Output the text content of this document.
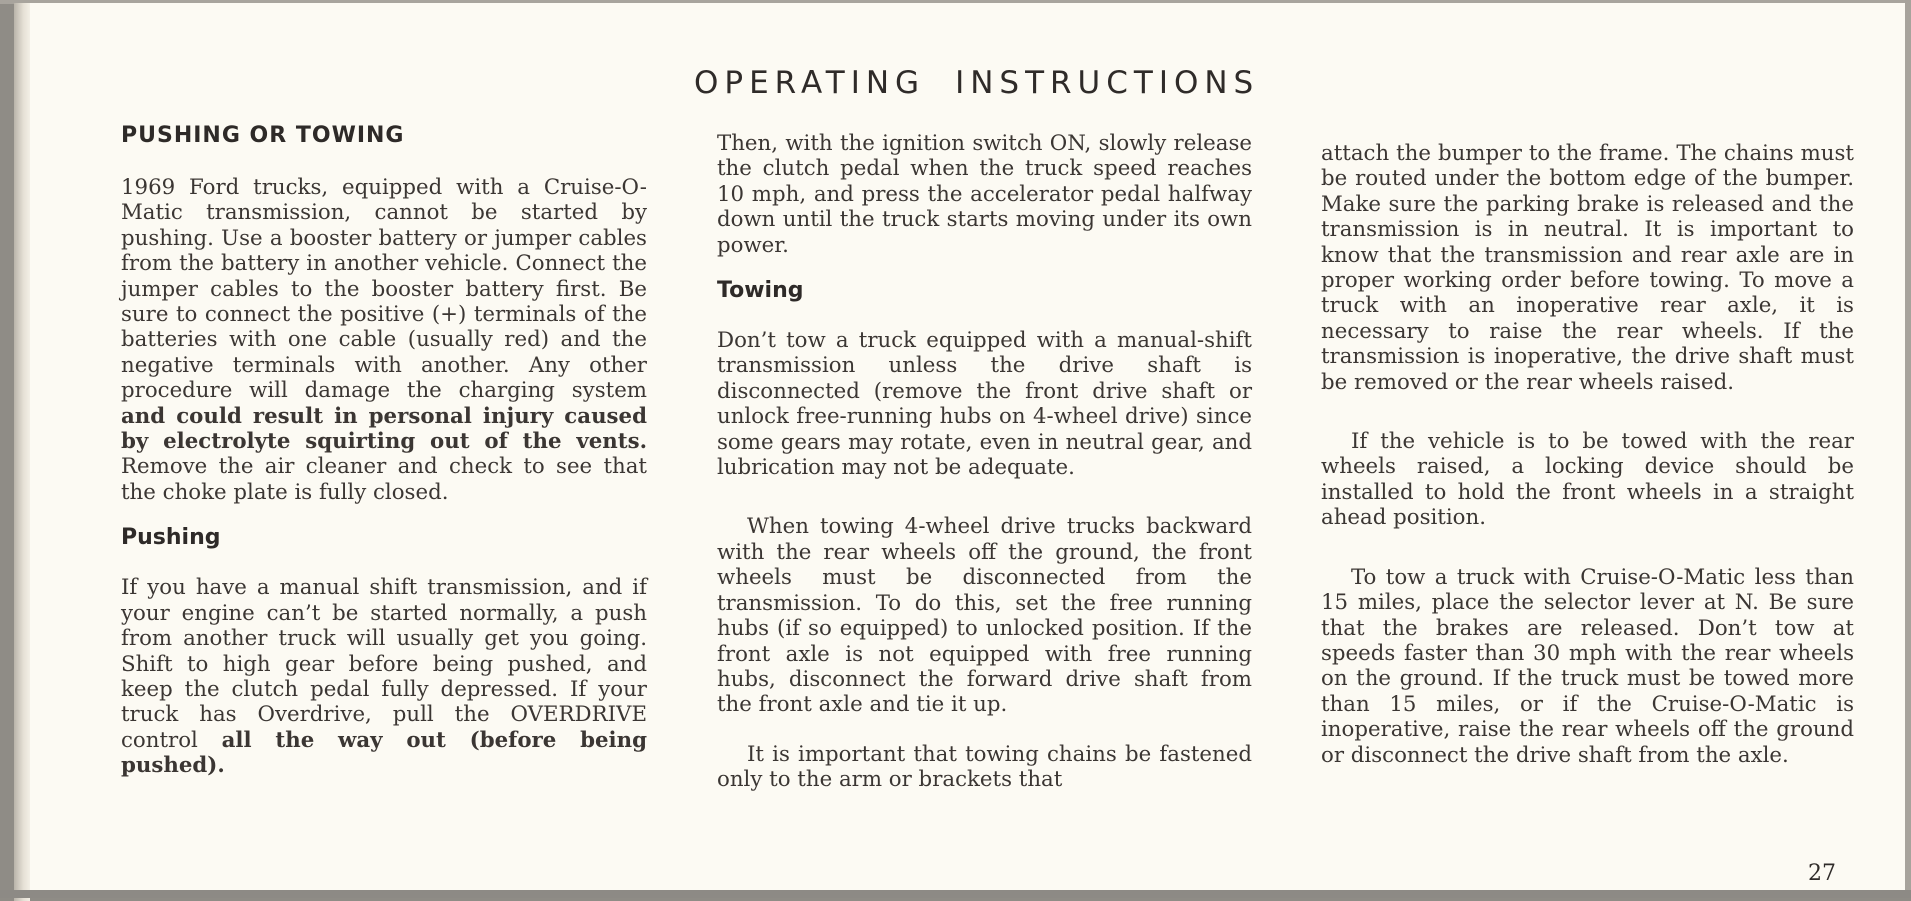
OPERATING INSTRUCTIONS
PUSHING OR TOWING

1969 Ford trucks, equipped with a Cruise-O-Matic transmission, cannot be started by pushing. Use a booster battery or jumper cables from the battery in another vehicle. Connect the jumper cables to the booster battery first. Be sure to connect the positive (+) terminals of the batteries with one cable (usually red) and the negative terminals with another. Any other procedure will damage the charging system and could result in personal injury caused by electrolyte squirting out of the vents. Remove the air cleaner and check to see that the choke plate is fully closed.

Pushing

If you have a manual shift transmission, and if your engine can’t be started normally, a push from another truck will usually get you going. Shift to high gear before being pushed, and keep the clutch pedal fully depressed. If your truck has Overdrive, pull the OVERDRIVE control all the way out (before being pushed).

Then, with the ignition switch ON, slowly release the clutch pedal when the truck speed reaches 10 mph, and press the accelerator pedal halfway down until the truck starts moving under its own power.

Towing

Don’t tow a truck equipped with a manual-shift transmission unless the drive shaft is disconnected (remove the front drive shaft or unlock free-running hubs on 4-wheel drive) since some gears may rotate, even in neutral gear, and lubrication may not be adequate.

When towing 4-wheel drive trucks backward with the rear wheels off the ground, the front wheels must be disconnected from the transmission. To do this, set the free running hubs (if so equipped) to unlocked position. If the front axle is not equipped with free running hubs, disconnect the forward drive shaft from the front axle and tie it up.

It is important that towing chains be fastened only to the arm or brackets that

attach the bumper to the frame. The chains must be routed under the bottom edge of the bumper. Make sure the parking brake is released and the transmission is in neutral. It is important to know that the transmission and rear axle are in proper working order before towing. To move a truck with an inoperative rear axle, it is necessary to raise the rear wheels. If the transmission is inoperative, the drive shaft must be removed or the rear wheels raised.

If the vehicle is to be towed with the rear wheels raised, a locking device should be installed to hold the front wheels in a straight ahead position.

To tow a truck with Cruise-O-Matic less than 15 miles, place the selector lever at N. Be sure that the brakes are released. Don’t tow at speeds faster than 30 mph with the rear wheels on the ground. If the truck must be towed more than 15 miles, or if the Cruise-O-Matic is inoperative, raise the rear wheels off the ground or disconnect the drive shaft from the axle.

27
